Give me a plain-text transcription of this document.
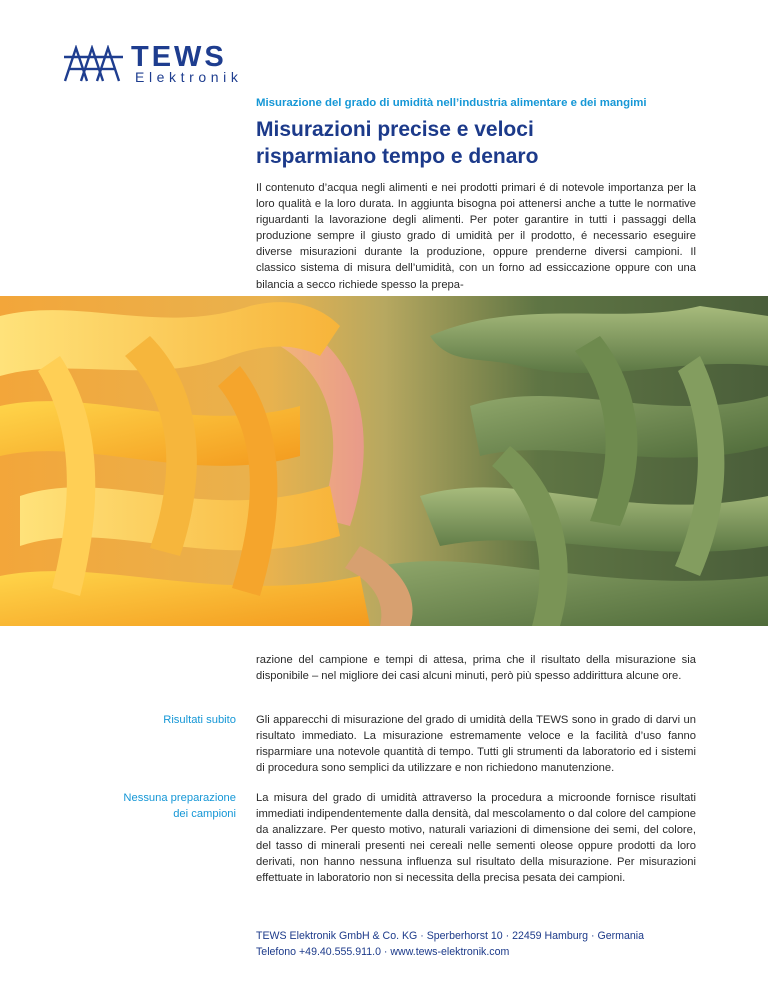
TEWS
Elektronik
Misurazione del grado di umidità nell’industria alimentare e dei mangimi
Misurazioni precise e veloci
risparmiano tempo e denaro

Il contenuto d’acqua negli alimenti e nei prodotti primari é di notevole importanza per la loro qualità e la loro durata. In aggiunta bisogna poi attenersi anche a tutte le normative riguardanti la lavorazione degli alimenti. Per poter garantire in tutti i passaggi della produzione sempre il giusto grado di umidità per il prodotto, é necessario eseguire diverse misurazioni durante la produzione, oppure prenderne diversi campioni. Il classico sistema di misura dell’umidità, con un forno ad essiccazione oppure con una bilancia a secco richiede spesso la prepa-

razione del campione e tempi di attesa, prima che il risultato della misurazione sia disponibile – nel migliore dei casi alcuni minuti, però più spesso addirittura alcune ore.

Risultati subito Gli apparecchi di misurazione del grado di umidità della TEWS sono in grado di darvi un risultato immediato. La misurazione estremamente veloce e la facilità d’uso fanno risparmiare una notevole quantità di tempo. Tutti gli strumenti da laboratorio ed i sistemi di procedura sono semplici da utilizzare e non richiedono manutenzione.

Nessuna preparazione
dei campioni

La misura del grado di umidità attraverso la procedura a microonde fornisce risultati immediati indipendentemente dalla densità, dal mescolamento o dal colore del campione da analizzare. Per questo motivo, naturali variazioni di dimensione dei semi, del colore, del tasso di minerali presenti nei cereali nelle sementi oleose oppure prodotti da loro derivati, non hanno nessuna influenza sul risultato della misurazione. Per misurazioni effettuate in laboratorio non si necessita della precisa pesata dei campioni.

TEWS Elektronik GmbH & Co. KG · Sperberhorst 10 · 22459 Hamburg · Germania
Telefono +49.40.555.911.0 · www.tews-elektronik.com
